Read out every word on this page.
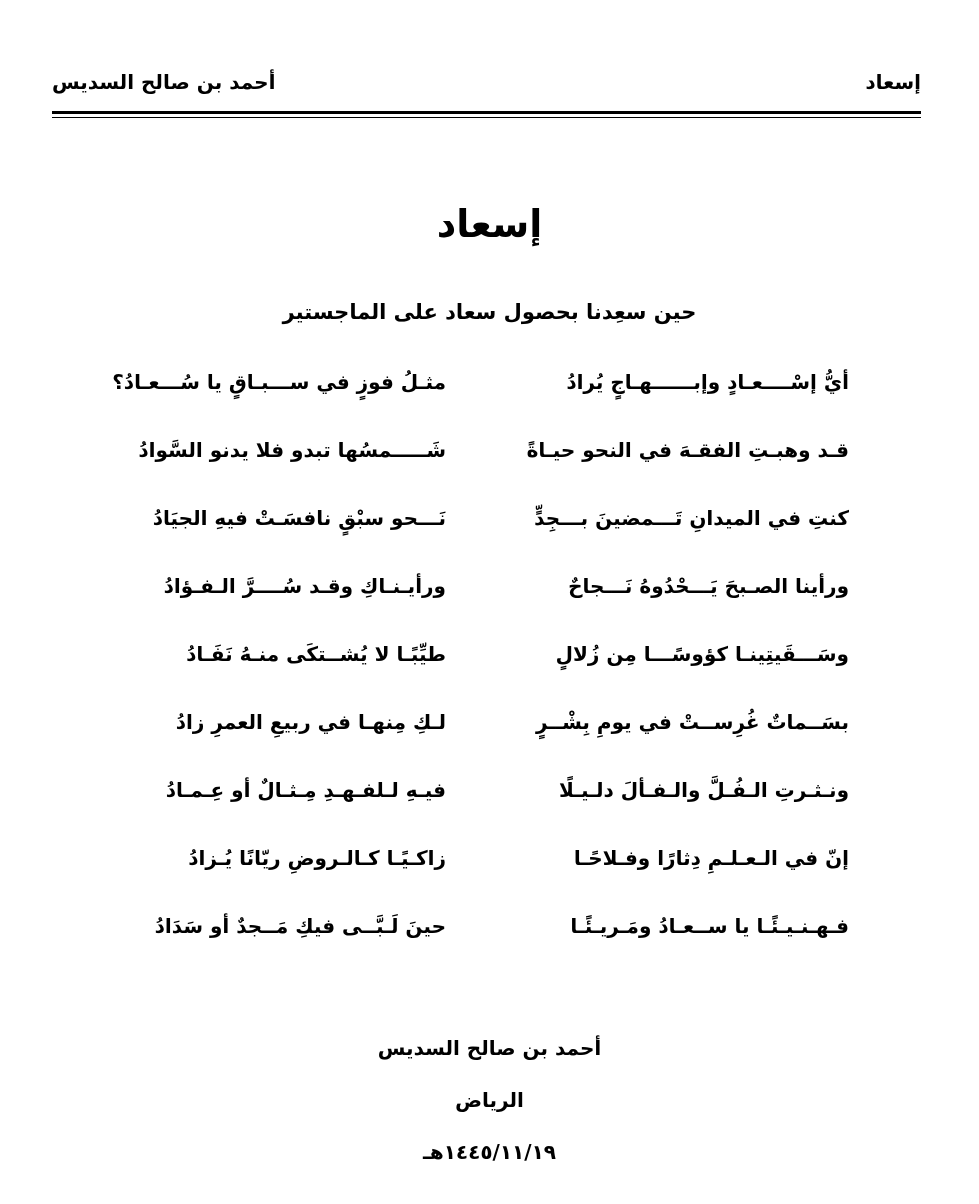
إسعاد
أحمد بن صالح السديس
إسعاد
حين سعِدنا بحصول سعاد على الماجستير
أيُّ إسْــــعـادٍ وإبــــــهـاجٍ يُرادُ
مثـلُ فوزٍ في ســـبـاقٍ يا سُـــعـادُ؟
قـد وهبـتِ الفقـهَ في النحو حيـاةً
شَـــــمسُها تبدو فلا يدنو السَّوادُ
كنتِ في الميدانِ تَـــمضينَ بـــجِدٍّ
نَـــحو سبْقٍ نافسَـتْ فيهِ الجيَادُ
ورأينا الصـبحَ يَـــحْدُوهُ نَـــجاحٌ
ورأيـنـاكِ وقـد سُــــرَّ الـفـؤادُ
وسَـــقَيتِينـا كؤوسًـــا مِن زُلالٍ
طيِّبًـا لا يُشــتكَى منـهُ نَفَـادُ
بسَــماتٌ غُرِســتْ في يومِ بِشْــرٍ
لـكِ مِنهـا في ربيعِ العمرِ زادُ
ونـثـرتِ الـفُـلَّ والـفـألَ دلـيـلًا
فيـهِ لـلفـهـدِ مِـثـالٌ أو عِـمـادُ
إنّ في الـعـلـمِ دِثارًا وفـلاحًـا
زاكـيًـا كـالـروضِ ريّانًا يُـزادُ
فـهـنـيـئًـا يا ســعـادُ ومَـريـئًـا
حينَ لَـبَّــى فيكِ مَــجدٌ أو سَدَادُ
أحمد بن صالح السديس
الرياض
١٤٤٥/١١/١٩هـ
